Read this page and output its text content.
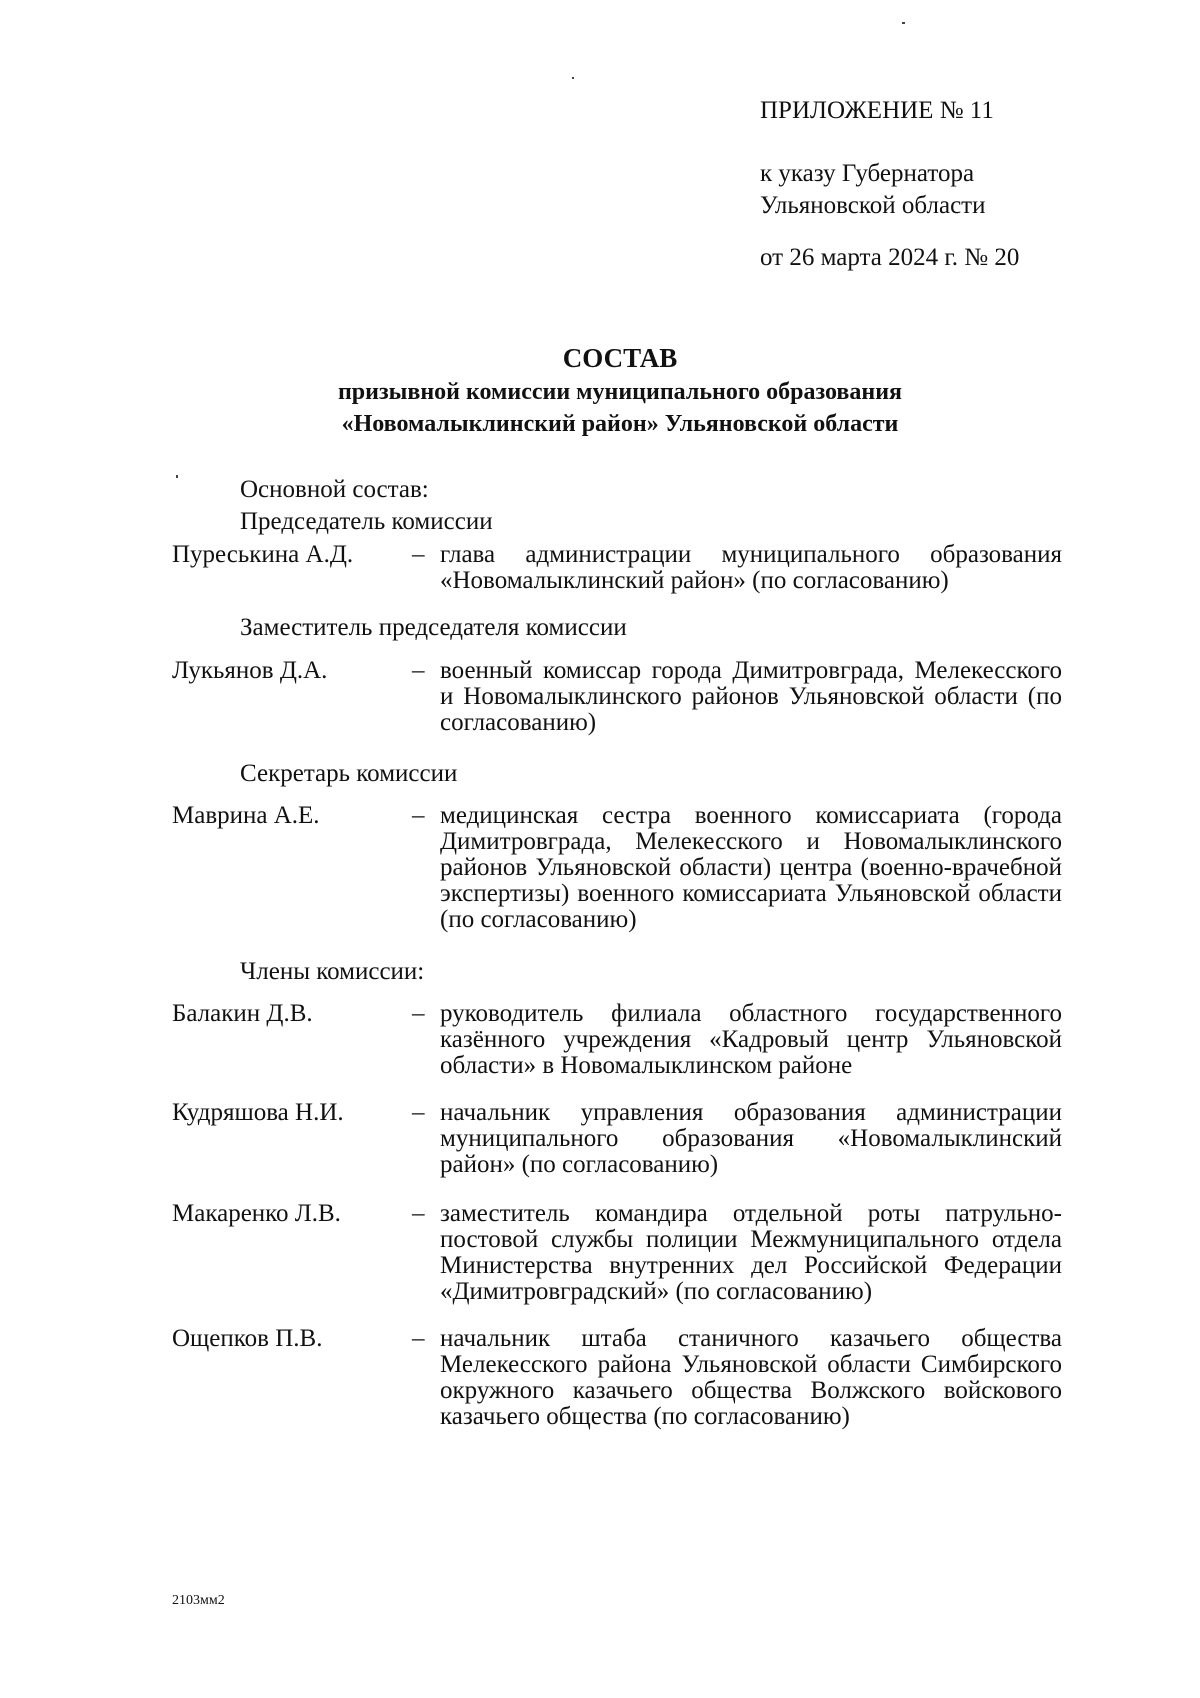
ПРИЛОЖЕНИЕ № 11
к указу Губернатора
Ульяновской области
от 26 марта 2024 г. № 20
СОСТАВ
призывной комиссии муниципального образования
«Новомалыклинский район» Ульяновской области
Основной состав:
Председатель комиссии
Пуреськина А.Д.	– глава администрации муниципального образования «Новомалыклинский район» (по согласованию)
Заместитель председателя комиссии
Лукьянов Д.А.	– военный комиссар города Димитровграда, Мелекесского и Новомалыклинского районов Ульяновской области (по согласованию)
Секретарь комиссии
Маврина А.Е.	– медицинская сестра военного комиссариата (города Димитровграда, Мелекесского и Новомалыклинского районов Ульяновской области) центра (военно-врачебной экспертизы) военного комиссариата Ульяновской области (по согласованию)
Члены комиссии:
Балакин Д.В.	– руководитель филиала областного государственного казённого учреждения «Кадровый центр Ульяновской области» в Новомалыклинском районе
Кудряшова Н.И.	– начальник управления образования администрации муниципального образования «Новомалыклинский район» (по согласованию)
Макаренко Л.В.	– заместитель командира отдельной роты патрульно-постовой службы полиции Межмуниципального отдела Министерства внутренних дел Российской Федерации «Димитровградский» (по согласованию)
Ощепков П.В.	– начальник штаба станичного казачьего общества Мелекесского района Ульяновской области Симбирского окружного казачьего общества Волжского войскового казачьего общества (по согласованию)
2103мм2
